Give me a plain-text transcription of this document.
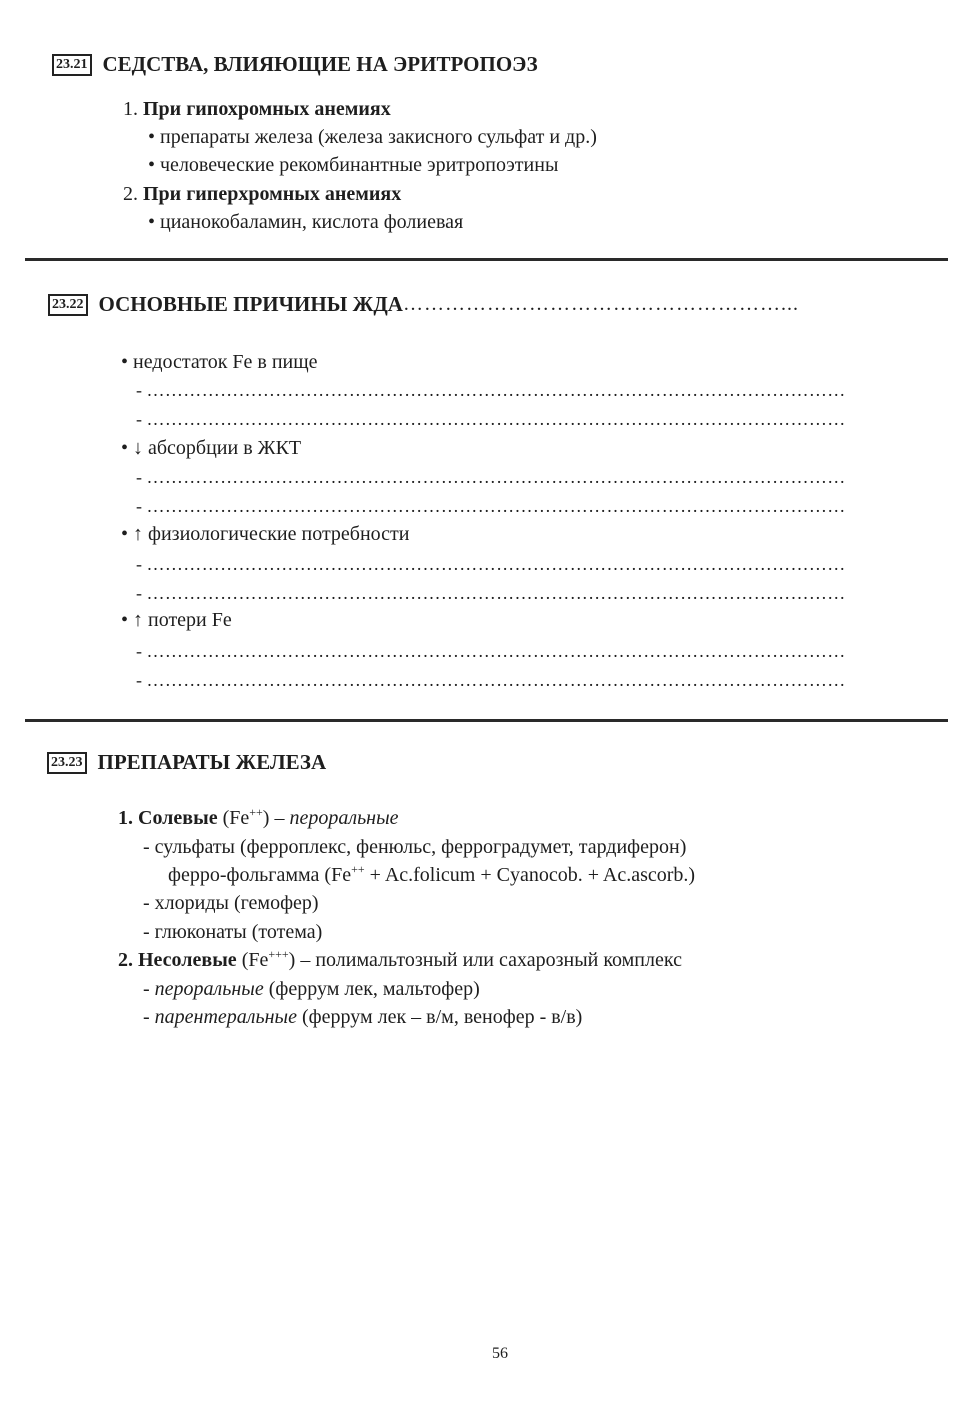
23.21 СЕДСТВА, ВЛИЯЮЩИЕ НА ЭРИТРОПОЭЗ
1. При гипохромных анемиях
• препараты железа (железа закисного сульфат и др.)
• человеческие рекомбинантные эритропоэтины
2. При гиперхромных анемиях
• цианокобаламин, кислота фолиевая
23.22 ОСНОВНЫЕ ПРИЧИНЫ ЖДА ………………………………………………...
• недостаток Fe в пище
- ……………………………………………………………………………………………………
- ……………………………………………………………………………………………………
• ↓ абсорбции в ЖКТ
- ……………………………………………………………………………………………………
- ……………………………………………………………………………………………………
• ↑ физиологические потребности
- ……………………………………………………………………………………………………
- ……………………………………………………………………………………………………
• ↑ потери Fe
- ……………………………………………………………………………………………………
- ……………………………………………………………………………………………………
23.23 ПРЕПАРАТЫ ЖЕЛЕЗА
1. Солевые (Fe++) – пероральные
- сульфаты (ферроплекс, фенюльс, ферроградумет, тардиферон)
ферро-фольгамма (Fe++ + Ac.folicum + Cyanocob. + Ac.ascorb.)
- хлориды (гемофер)
- глюконаты (тотема)
2. Несолевые (Fe+++) – полимальтозный или сахарозный комплекс
- пероральные (феррум лек, мальтофер)
- парентеральные (феррум лек – в/м, венофер - в/в)
56
